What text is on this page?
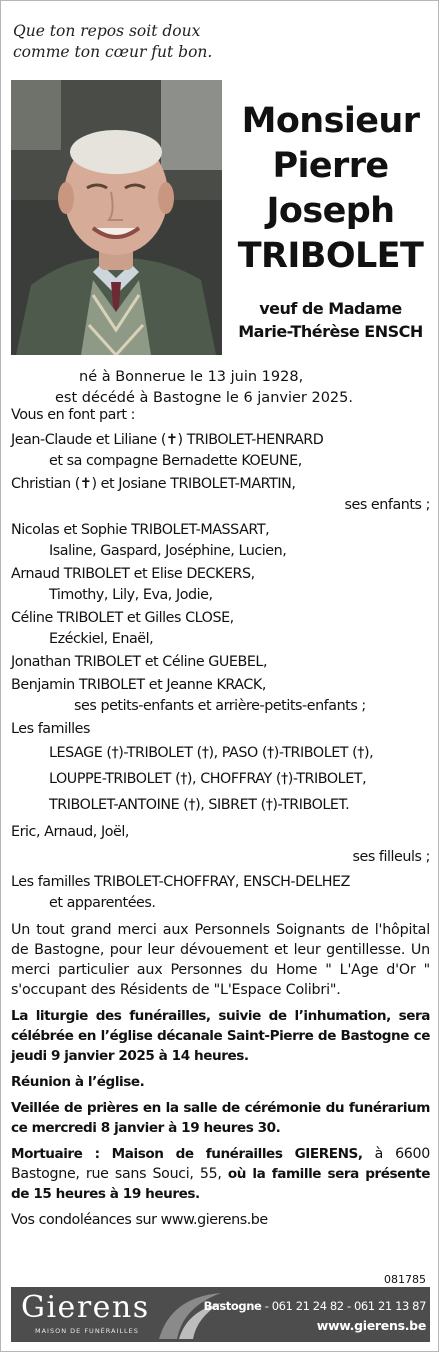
Que ton repos soit doux
comme ton cœur fut bon.
Monsieur
Pierre
Joseph
TRIBOLET
veuf de Madame
Marie-Thérèse ENSCH
né à Bonnerue le 13 juin 1928,
est décédé à Bastogne le 6 janvier 2025.
Vous en font part :
Jean-Claude et Liliane (✝) TRIBOLET-HENRARD
et sa compagne Bernadette KOEUNE,
Christian (✝) et Josiane TRIBOLET-MARTIN,
ses enfants ;
Nicolas et Sophie TRIBOLET-MASSART,
Isaline, Gaspard, Joséphine, Lucien,
Arnaud TRIBOLET et Elise DECKERS,
Timothy, Lily, Eva, Jodie,
Céline TRIBOLET et Gilles CLOSE,
Ezéckiel, Enaël,
Jonathan TRIBOLET et Céline GUEBEL,
Benjamin TRIBOLET et Jeanne KRACK,
ses petits-enfants et arrière-petits-enfants ;
Les familles
LESAGE (†)-TRIBOLET (†), PASO (†)-TRIBOLET (†),
LOUPPE-TRIBOLET (†), CHOFFRAY (†)-TRIBOLET,
TRIBOLET-ANTOINE (†), SIBRET (†)-TRIBOLET.
Eric, Arnaud, Joël,
ses filleuls ;
Les familles TRIBOLET-CHOFFRAY, ENSCH-DELHEZ
et apparentées.
Un tout grand merci aux Personnels Soignants de l'hôpital de Bastogne, pour leur dévouement et leur gentillesse. Un merci particulier aux Personnes du Home " L'Age d'Or " s'occupant des Résidents de "L'Espace Colibri".
La liturgie des funérailles, suivie de l’inhumation, sera célébrée en l’église décanale Saint-Pierre de Bastogne ce jeudi 9 janvier 2025 à 14 heures.
Réunion à l’église.
Veillée de prières en la salle de cérémonie du funérarium ce mercredi 8 janvier à 19 heures 30.
Mortuaire : Maison de funérailles GIERENS, à 6600 Bastogne, rue sans Souci, 55, où la famille sera présente de 15 heures à 19 heures.
Vos condoléances sur www.gierens.be
081785
Gierens
MAISON DE FUNÉRAILLES
Bastogne - 061 21 24 82 - 061 21 13 87
www.gierens.be
